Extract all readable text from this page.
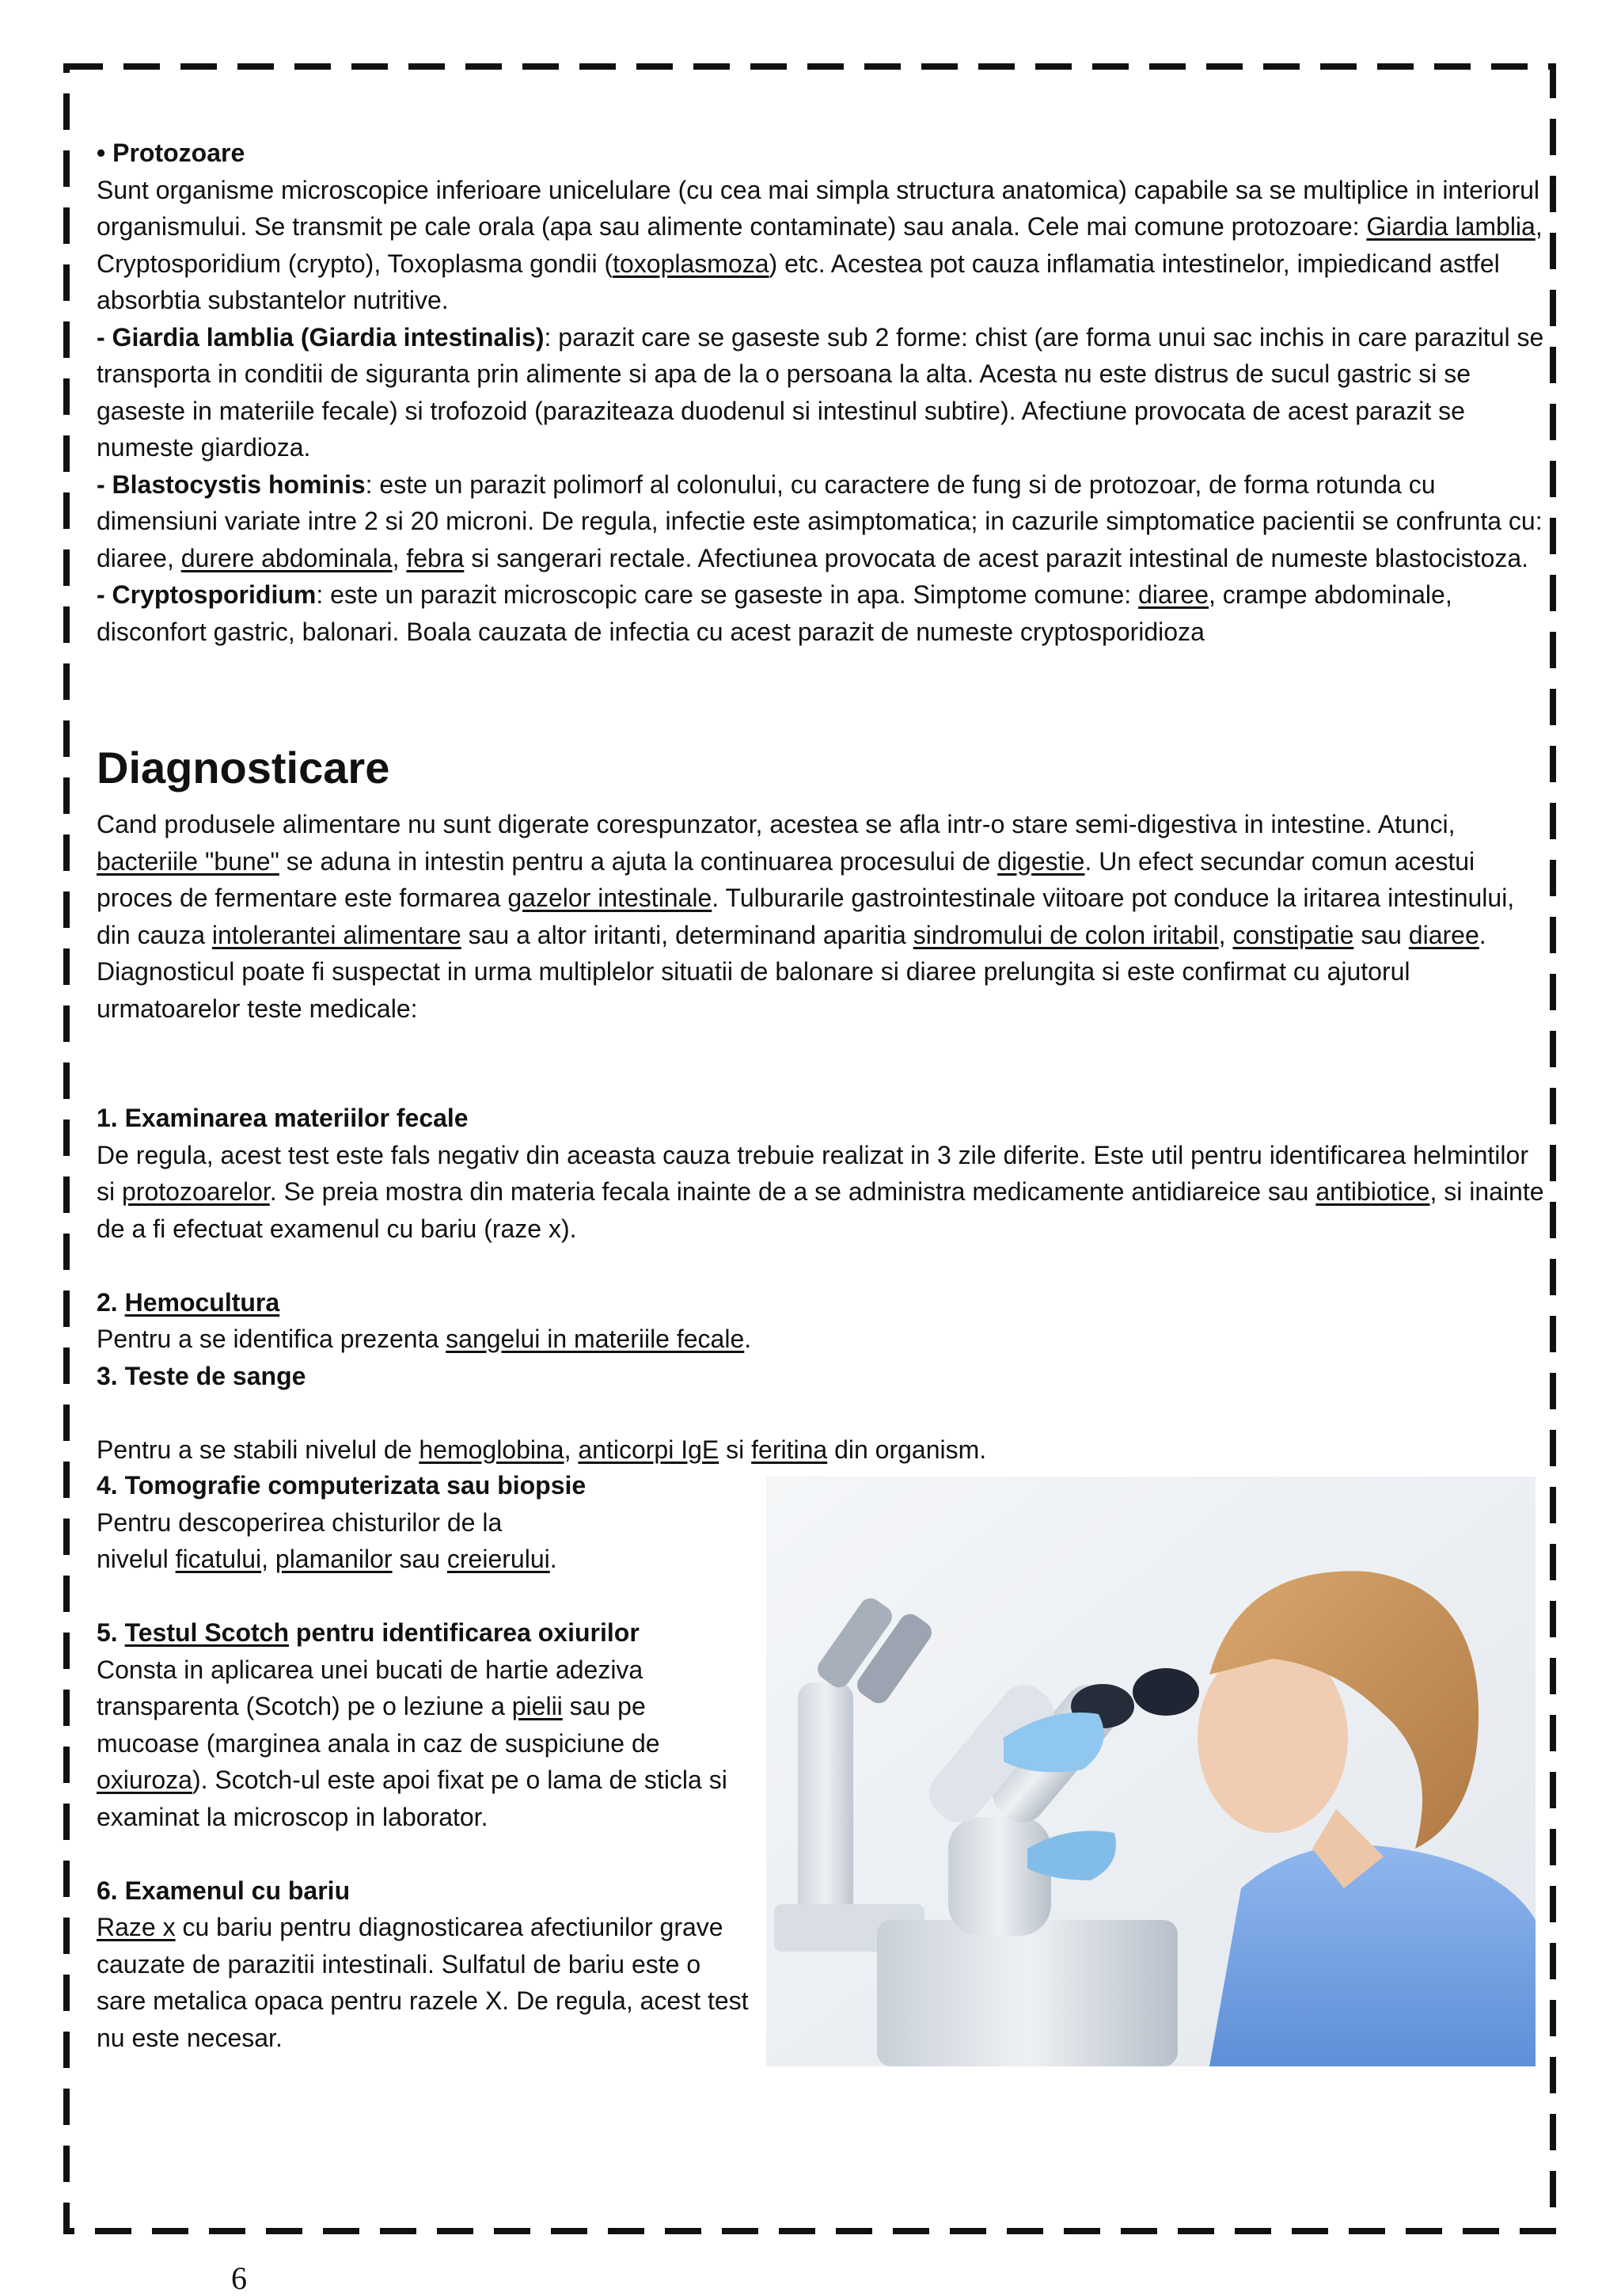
• Protozoare

Sunt organisme microscopice inferioare unicelulare (cu cea mai simpla structura anatomica) capabile sa se multiplice in interiorul organismului. Se transmit pe cale orala (apa sau alimente contaminate) sau anala. Cele mai comune protozoare: Giardia lamblia, Cryptosporidium (crypto), Toxoplasma gondii (toxoplasmoza) etc. Acestea pot cauza inflamatia intestinelor, impiedicand astfel absorbtia substantelor nutritive.

- Giardia lamblia (Giardia intestinalis): parazit care se gaseste sub 2 forme: chist (are forma unui sac inchis in care parazitul se transporta in conditii de siguranta prin alimente si apa de la o persoana la alta. Acesta nu este distrus de sucul gastric si se gaseste in materiile fecale) si trofozoid (paraziteaza duodenul si intestinul subtire). Afectiune provocata de acest parazit se numeste giardioza.

- Blastocystis hominis: este un parazit polimorf al colonului, cu caractere de fung si de protozoar, de forma rotunda cu dimensiuni variate intre 2 si 20 microni. De regula, infectie este asimptomatica; in cazurile simptomatice pacientii se confrunta cu: diaree, durere abdominala, febra si sangerari rectale. Afectiunea provocata de acest parazit intestinal de numeste blastocistoza.

- Cryptosporidium: este un parazit microscopic care se gaseste in apa. Simptome comune: diaree, crampe abdominale, disconfort gastric, balonari. Boala cauzata de infectia cu acest parazit de numeste cryptosporidioza

Diagnosticare

Cand produsele alimentare nu sunt digerate corespunzator, acestea se afla intr-o stare semi-digestiva in intestine. Atunci, bacteriile "bune" se aduna in intestin pentru a ajuta la continuarea procesului de digestie. Un efect secundar comun acestui proces de fermentare este formarea gazelor intestinale. Tulburarile gastrointestinale viitoare pot conduce la iritarea intestinului, din cauza intolerantei alimentare sau a altor iritanti, determinand aparitia sindromului de colon iritabil, constipatie sau diaree.

Diagnosticul poate fi suspectat in urma multiplelor situatii de balonare si diaree prelungita si este confirmat cu ajutorul urmatoarelor teste medicale:

1. Examinarea materiilor fecale

De regula, acest test este fals negativ din aceasta cauza trebuie realizat in 3 zile diferite. Este util pentru identificarea helmintilor si protozoarelor. Se preia mostra din materia fecala inainte de a se administra medicamente antidiareice sau antibiotice, si inainte de a fi efectuat examenul cu bariu (raze x).

2. Hemocultura

Pentru a se identifica prezenta sangelui in materiile fecale.

3. Teste de sange

Pentru a se stabili nivelul de hemoglobina, anticorpi IgE si feritina din organism.

4. Tomografie computerizata sau biopsie

Pentru descoperirea chisturilor de la

nivelul ficatului, plamanilor sau creierului.

5. Testul Scotch pentru identificarea oxiurilor

Consta in aplicarea unei bucati de hartie adeziva transparenta (Scotch) pe o leziune a pielii sau pe mucoase (marginea anala in caz de suspiciune de oxiuroza). Scotch-ul este apoi fixat pe o lama de sticla si examinat la microscop in laborator.

6. Examenul cu bariu

Raze x cu bariu pentru diagnosticarea afectiunilor grave cauzate de parazitii intestinali. Sulfatul de bariu este o sare metalica opaca pentru razele X. De regula, acest test nu este necesar.

6
